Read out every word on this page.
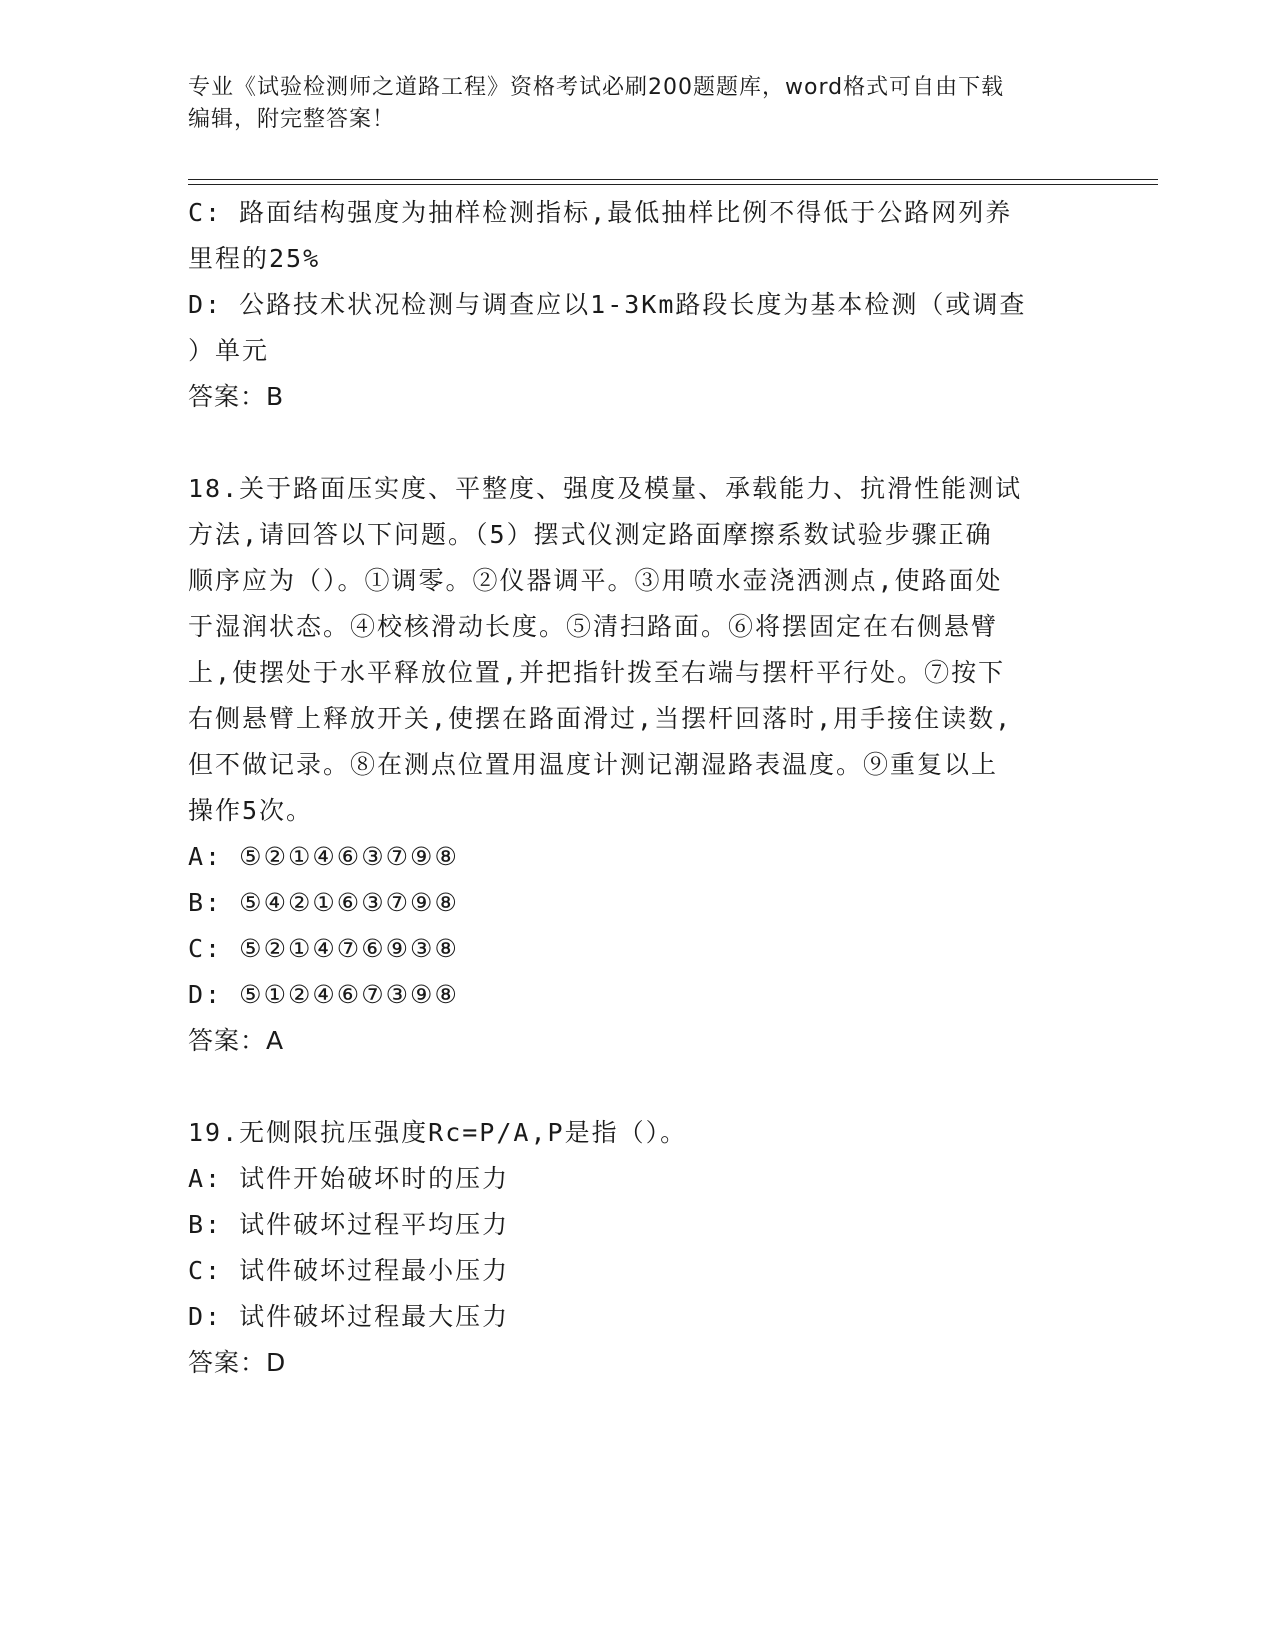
专业《试验检测师之道路工程》资格考试必刷200题题库，word格式可自由下载
编辑，附完整答案！
C: 路面结构强度为抽样检测指标,最低抽样比例不得低于公路网列养
里程的25%
D: 公路技术状况检测与调查应以1-3Km路段长度为基本检测（或调查
）单元
答案：B
18.关于路面压实度、平整度、强度及模量、承载能力、抗滑性能测试
方法,请回答以下问题。（5）摆式仪测定路面摩擦系数试验步骤正确
顺序应为（）。①调零。②仪器调平。③用喷水壶浇洒测点,使路面处
于湿润状态。④校核滑动长度。⑤清扫路面。⑥将摆固定在右侧悬臂
上,使摆处于水平释放位置,并把指针拨至右端与摆杆平行处。⑦按下
右侧悬臂上释放开关,使摆在路面滑过,当摆杆回落时,用手接住读数,
但不做记录。⑧在测点位置用温度计测记潮湿路表温度。⑨重复以上
操作5次。
A: ⑤②①④⑥③⑦⑨⑧
B: ⑤④②①⑥③⑦⑨⑧
C: ⑤②①④⑦⑥⑨③⑧
D: ⑤①②④⑥⑦③⑨⑧
答案：A
19.无侧限抗压强度Rc=P/A,P是指（）。
A: 试件开始破坏时的压力
B: 试件破坏过程平均压力
C: 试件破坏过程最小压力
D: 试件破坏过程最大压力
答案：D
